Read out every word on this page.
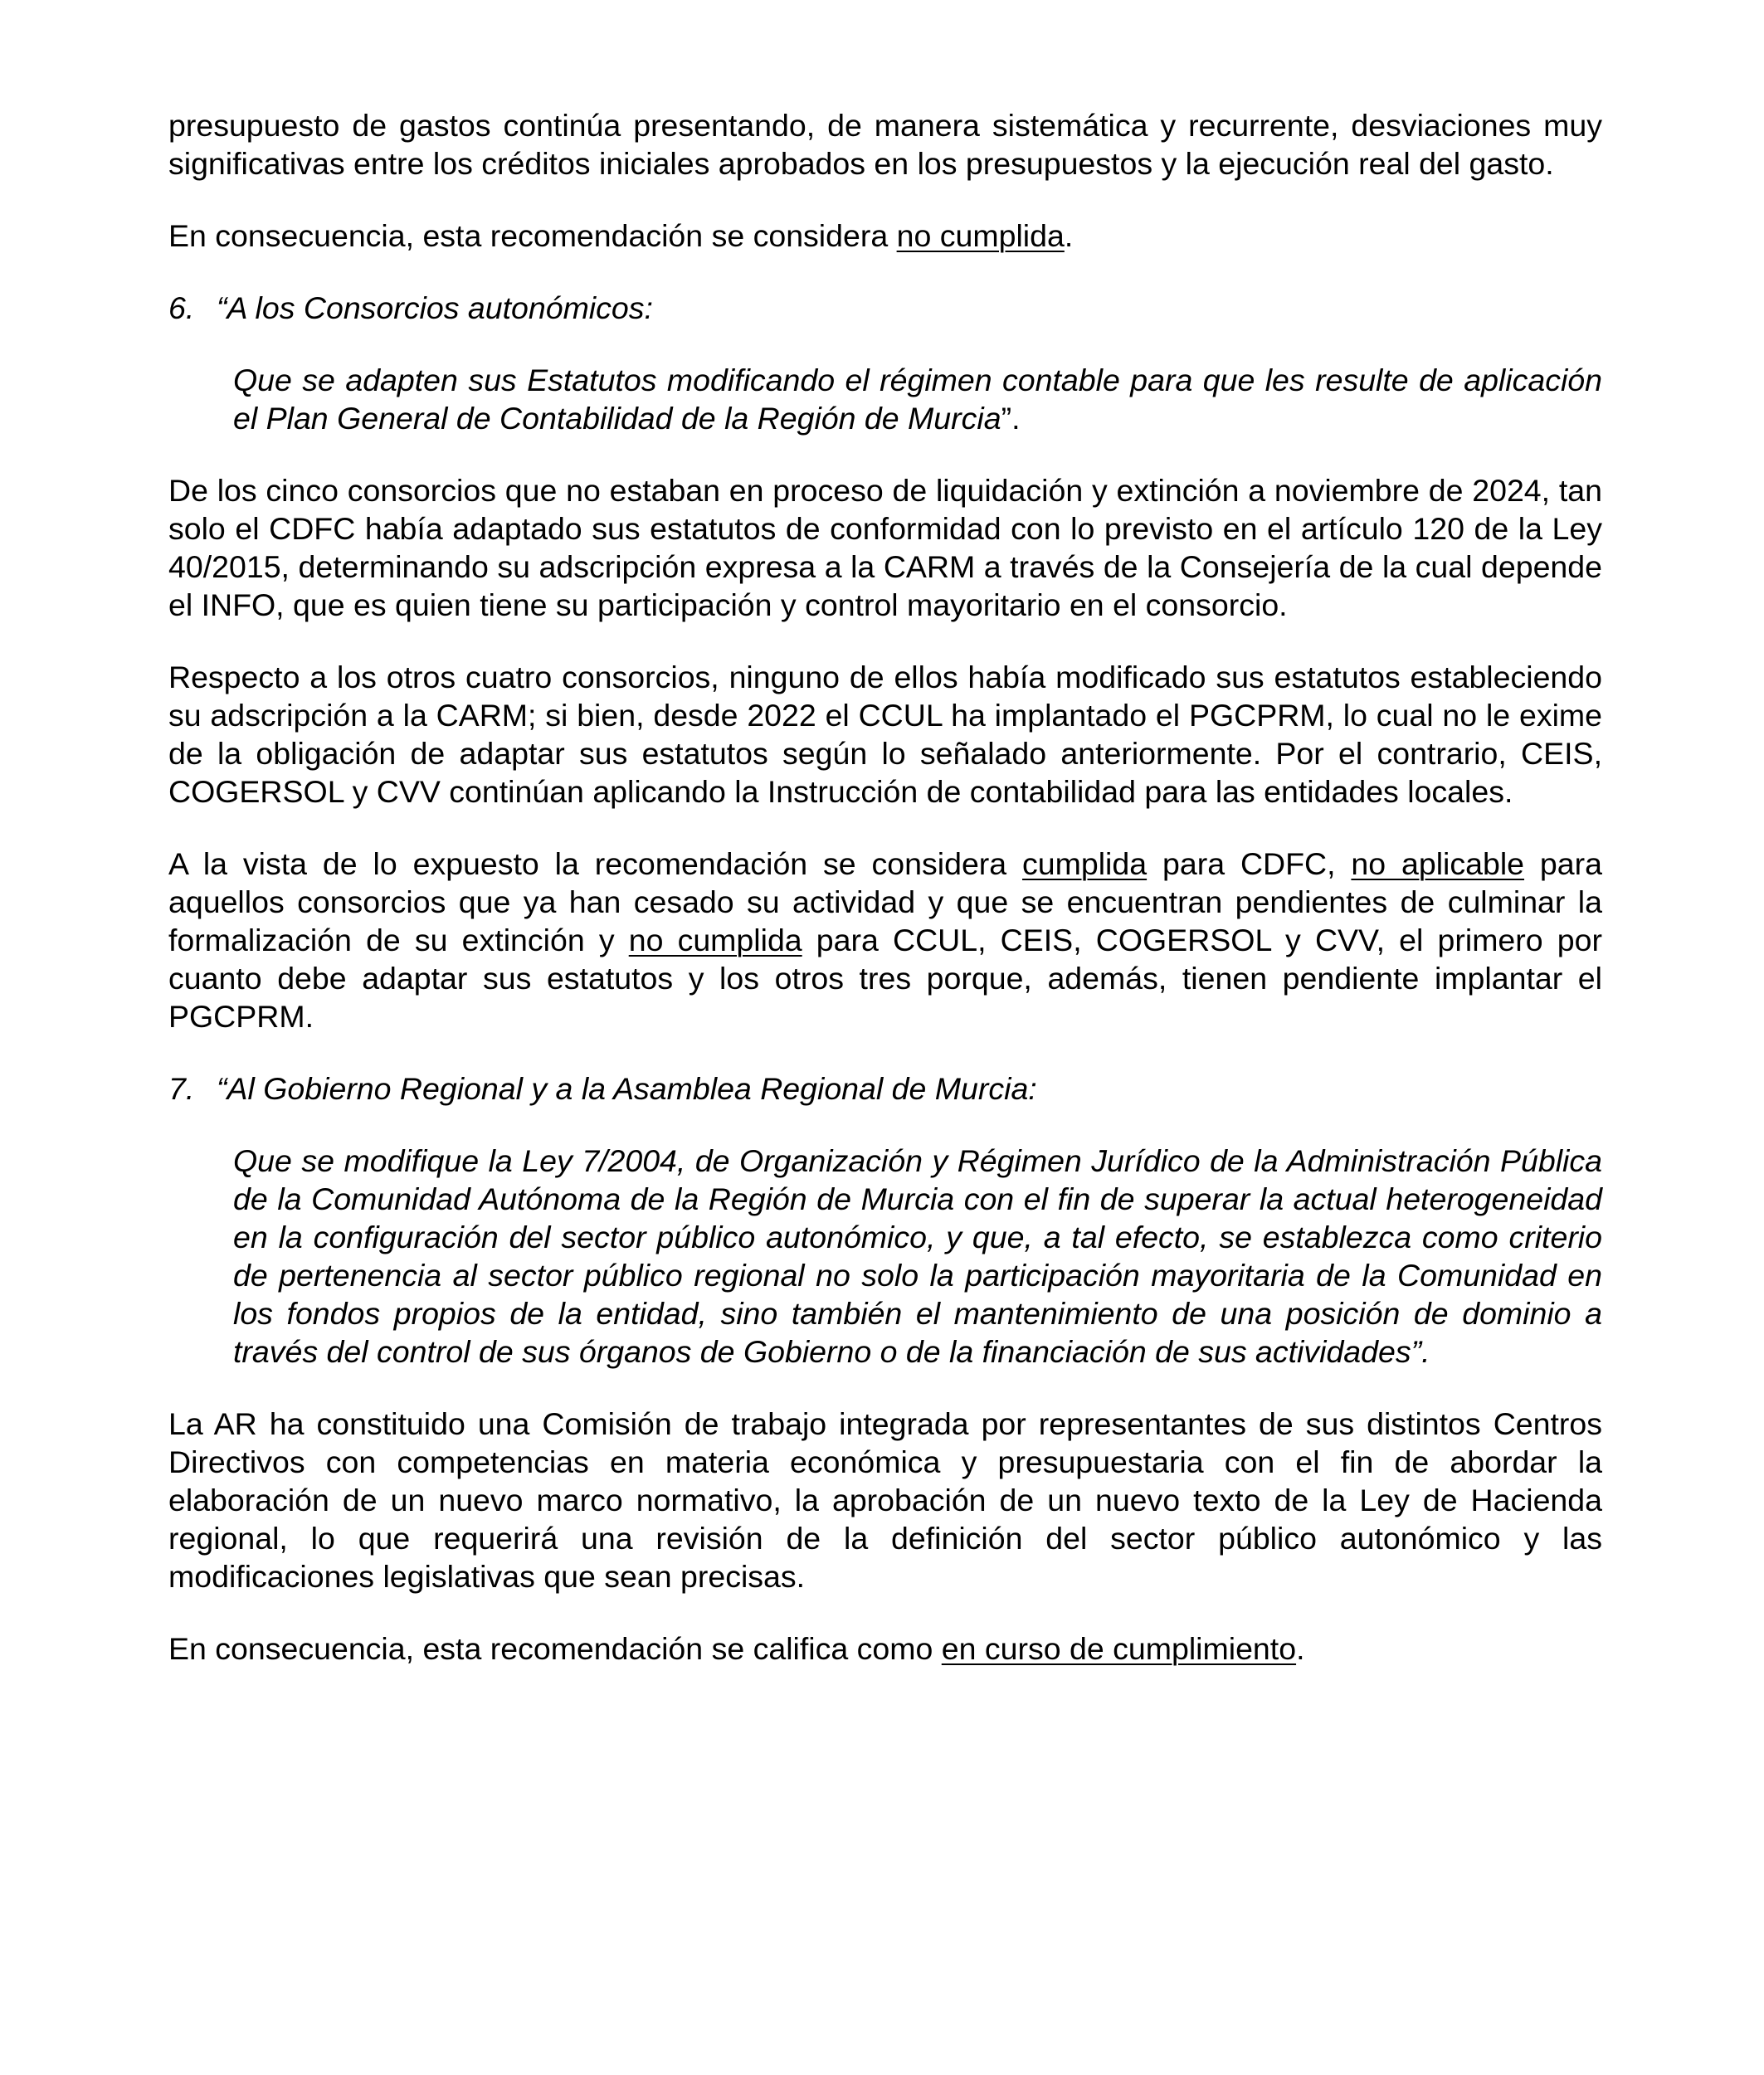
presupuesto de gastos continúa presentando, de manera sistemática y recurrente, desviaciones muy significativas entre los créditos iniciales aprobados en los presupuestos y la ejecución real del gasto.

En consecuencia, esta recomendación se considera no cumplida.

6. “A los Consorcios autonómicos:

Que se adapten sus Estatutos modificando el régimen contable para que les resulte de aplicación el Plan General de Contabilidad de la Región de Murcia”.

De los cinco consorcios que no estaban en proceso de liquidación y extinción a noviembre de 2024, tan solo el CDFC había adaptado sus estatutos de conformidad con lo previsto en el artículo 120 de la Ley 40/2015, determinando su adscripción expresa a la CARM a través de la Consejería de la cual depende el INFO, que es quien tiene su participación y control mayoritario en el consorcio.

Respecto a los otros cuatro consorcios, ninguno de ellos había modificado sus estatutos estableciendo su adscripción a la CARM; si bien, desde 2022 el CCUL ha implantado el PGCPRM, lo cual no le exime de la obligación de adaptar sus estatutos según lo señalado anteriormente. Por el contrario, CEIS, COGERSOL y CVV continúan aplicando la Instrucción de contabilidad para las entidades locales.

A la vista de lo expuesto la recomendación se considera cumplida para CDFC, no aplicable para aquellos consorcios que ya han cesado su actividad y que se encuentran pendientes de culminar la formalización de su extinción y no cumplida para CCUL, CEIS, COGERSOL y CVV, el primero por cuanto debe adaptar sus estatutos y los otros tres porque, además, tienen pendiente implantar el PGCPRM.

7. “Al Gobierno Regional y a la Asamblea Regional de Murcia:

Que se modifique la Ley 7/2004, de Organización y Régimen Jurídico de la Administración Pública de la Comunidad Autónoma de la Región de Murcia con el fin de superar la actual heterogeneidad en la configuración del sector público autonómico, y que, a tal efecto, se establezca como criterio de pertenencia al sector público regional no solo la participación mayoritaria de la Comunidad en los fondos propios de la entidad, sino también el mantenimiento de una posición de dominio a través del control de sus órganos de Gobierno o de la financiación de sus actividades”.

La AR ha constituido una Comisión de trabajo integrada por representantes de sus distintos Centros Directivos con competencias en materia económica y presupuestaria con el fin de abordar la elaboración de un nuevo marco normativo, la aprobación de un nuevo texto de la Ley de Hacienda regional, lo que requerirá una revisión de la definición del sector público autonómico y las modificaciones legislativas que sean precisas.

En consecuencia, esta recomendación se califica como en curso de cumplimiento.
